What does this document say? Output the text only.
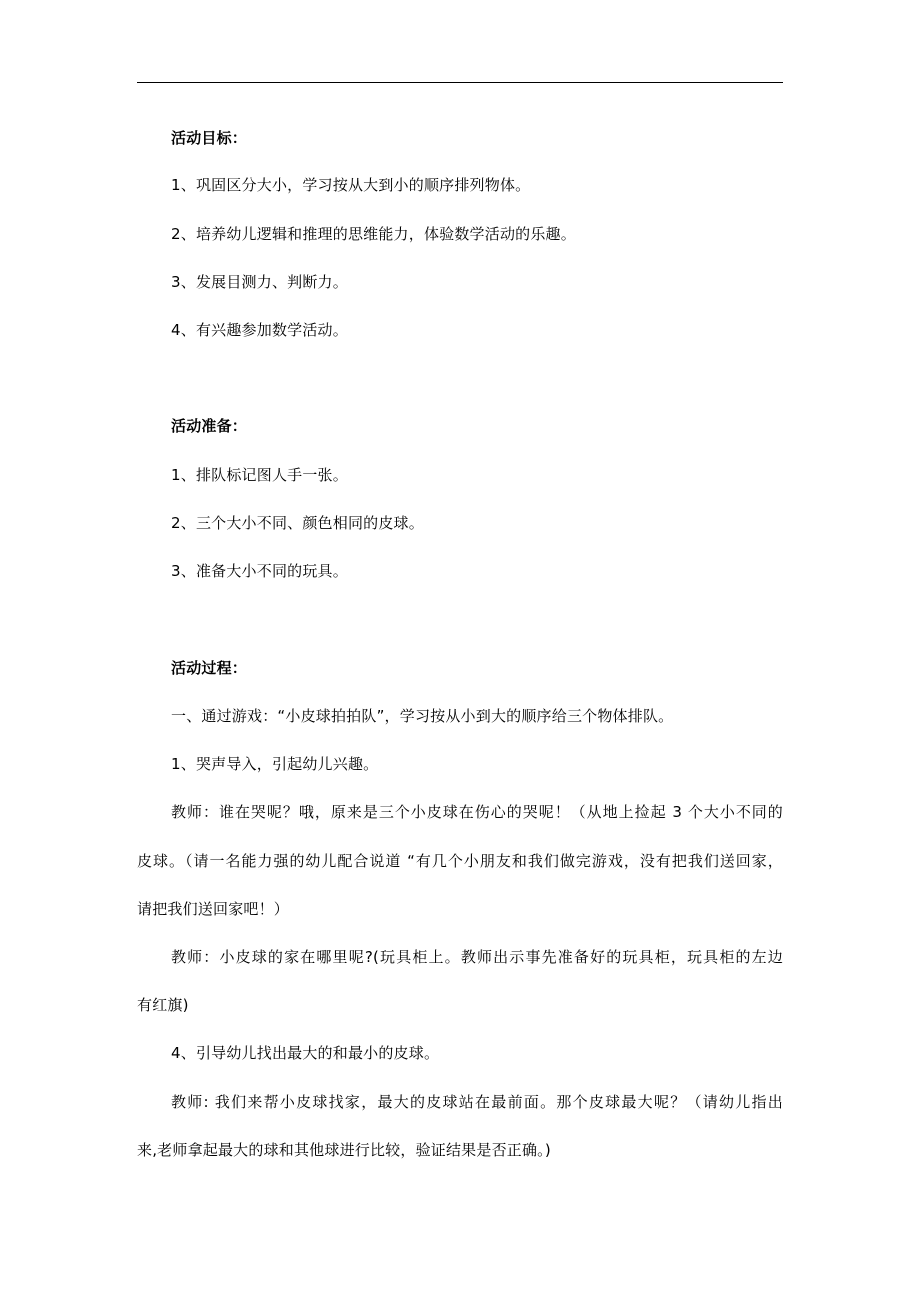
活动目标：
1、巩固区分大小，学习按从大到小的顺序排列物体。
2、培养幼儿逻辑和推理的思维能力，体验数学活动的乐趣。
3、发展目测力、判断力。
4、有兴趣参加数学活动。
活动准备：
1、排队标记图人手一张。
2、三个大小不同、颜色相同的皮球。
3、准备大小不同的玩具。
活动过程：
一、通过游戏：“小皮球拍拍队”，学习按从小到大的顺序给三个物体排队。
1、哭声导入，引起幼儿兴趣。
教师：谁在哭呢？哦，原来是三个小皮球在伤心的哭呢！（从地上捡起 3 个大小不同的
皮球。（请一名能力强的幼儿配合说道 “有几个小朋友和我们做完游戏，没有把我们送回家，
请把我们送回家吧！）
教师：小皮球的家在哪里呢?(玩具柜上。教师出示事先准备好的玩具柜，玩具柜的左边
有红旗)
4、引导幼儿找出最大的和最小的皮球。
教师: 我们来帮小皮球找家，最大的皮球站在最前面。那个皮球最大呢？（请幼儿指出
来,老师拿起最大的球和其他球进行比较，验证结果是否正确。)
